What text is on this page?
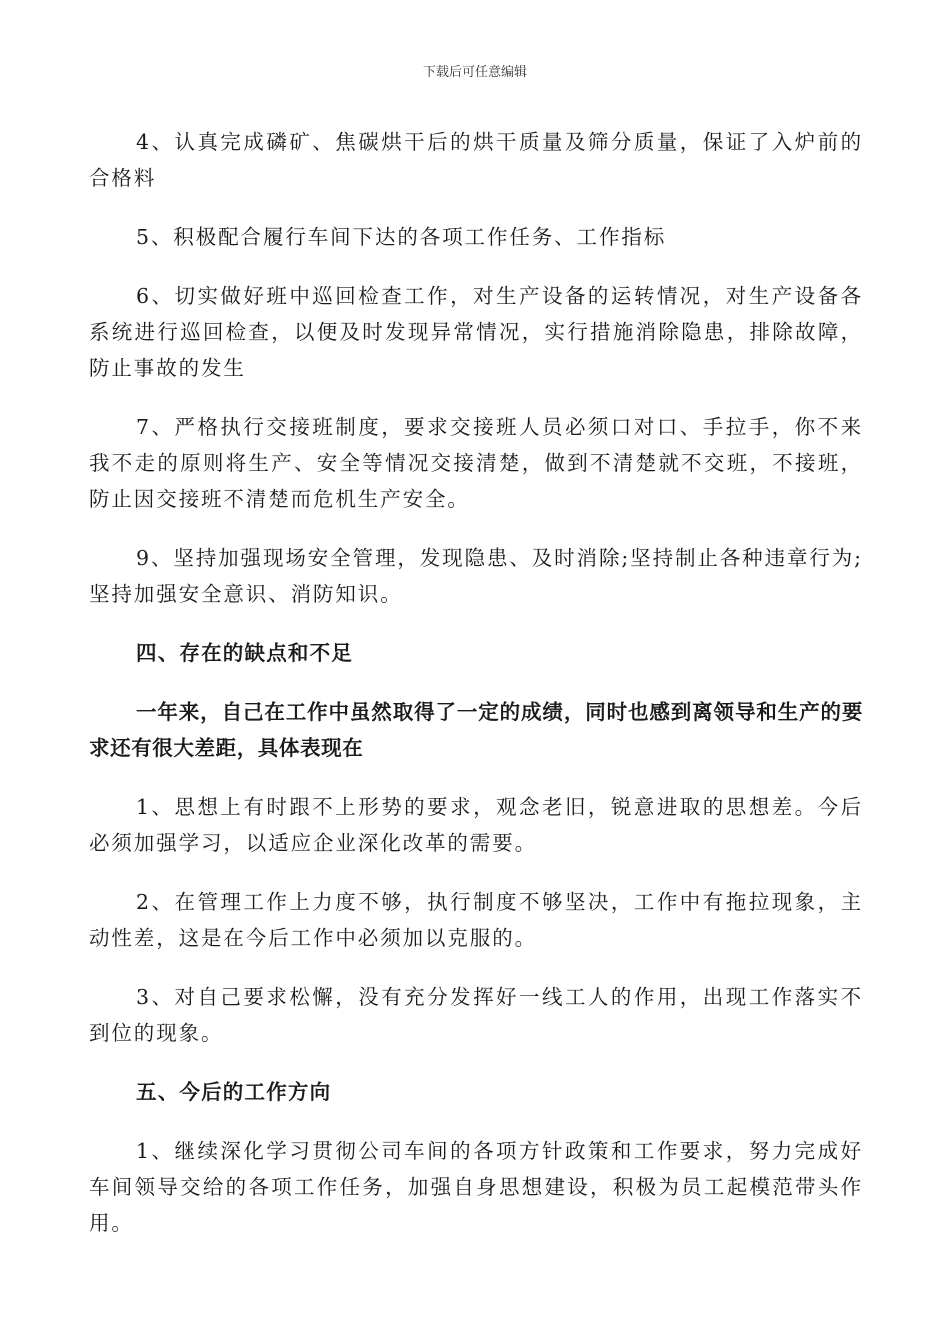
下载后可任意编辑

4、认真完成磷矿、焦碳烘干后的烘干质量及筛分质量，保证了入炉前的合格料

5、积极配合履行车间下达的各项工作任务、工作指标

6、切实做好班中巡回检查工作，对生产设备的运转情况，对生产设备各系统进行巡回检查，以便及时发现异常情况，实行措施消除隐患，排除故障，防止事故的发生

7、严格执行交接班制度，要求交接班人员必须口对口、手拉手，你不来我不走的原则将生产、安全等情况交接清楚，做到不清楚就不交班，不接班，防止因交接班不清楚而危机生产安全。

9、坚持加强现场安全管理，发现隐患、及时消除;坚持制止各种违章行为;坚持加强安全意识、消防知识。

四、存在的缺点和不足

一年来，自己在工作中虽然取得了一定的成绩，同时也感到离领导和生产的要求还有很大差距，具体表现在

1、思想上有时跟不上形势的要求，观念老旧，锐意进取的思想差。今后必须加强学习，以适应企业深化改革的需要。

2、在管理工作上力度不够，执行制度不够坚决，工作中有拖拉现象，主动性差，这是在今后工作中必须加以克服的。

3、对自己要求松懈，没有充分发挥好一线工人的作用，出现工作落实不到位的现象。

五、今后的工作方向

1、继续深化学习贯彻公司车间的各项方针政策和工作要求，努力完成好车间领导交给的各项工作任务，加强自身思想建设，积极为员工起模范带头作用。
